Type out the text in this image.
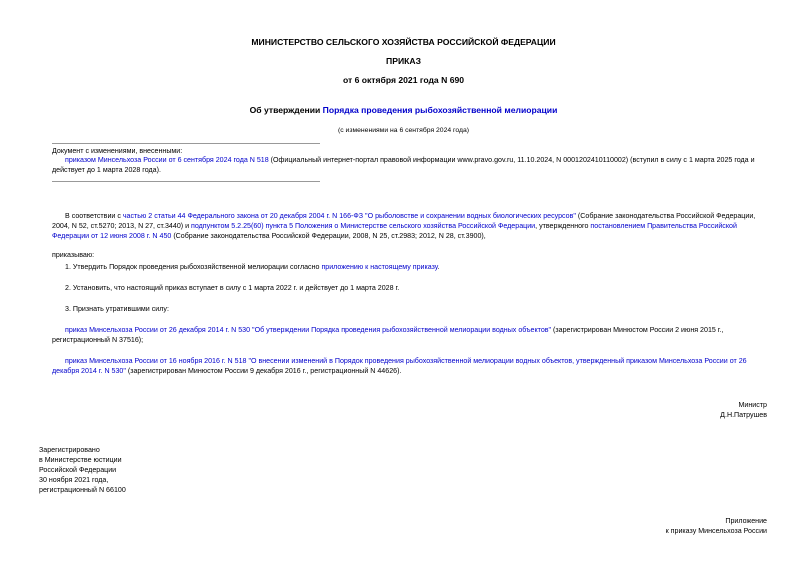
МИНИСТЕРСТВО СЕЛЬСКОГО ХОЗЯЙСТВА РОССИЙСКОЙ ФЕДЕРАЦИИ
ПРИКАЗ
от 6 октября 2021 года N 690
Об утверждении Порядка проведения рыбохозяйственной мелиорации
(с изменениями на 6 сентября 2024 года)
Документ с изменениями, внесенными:
приказом Минсельхоза России от 6 сентября 2024 года N 518 (Официальный интернет-портал правовой информации www.pravo.gov.ru, 11.10.2024, N 0001202410110002) (вступил в силу с 1 марта 2025 года и
действует до 1 марта 2028 года).
В соответствии с частью 2 статьи 44 Федерального закона от 20 декабря 2004 г. N 166-ФЗ "О рыболовстве и сохранении водных биологических ресурсов" (Собрание законодательства Российской Федерации,
2004, N 52, ст.5270; 2013, N 27, ст.3440) и подпунктом 5.2.25(60) пункта 5 Положения о Министерстве сельского хозяйства Российской Федерации, утвержденного постановлением Правительства Российской
Федерации от 12 июня 2008 г. N 450 (Собрание законодательства Российской Федерации, 2008, N 25, ст.2983; 2012, N 28, ст.3900),
приказываю:
1. Утвердить Порядок проведения рыбохозяйственной мелиорации согласно приложению к настоящему приказу.
2. Установить, что настоящий приказ вступает в силу с 1 марта 2022 г. и действует до 1 марта 2028 г.
3. Признать утратившими силу:
приказ Минсельхоза России от 26 декабря 2014 г. N 530 "Об утверждении Порядка проведения рыбохозяйственной мелиорации водных объектов" (зарегистрирован Минюстом России 2 июня 2015 г.,
регистрационный N 37516);
приказ Минсельхоза России от 16 ноября 2016 г. N 518 "О внесении изменений в Порядок проведения рыбохозяйственной мелиорации водных объектов, утвержденный приказом Минсельхоза России от 26
декабря 2014 г. N 530" (зарегистрирован Минюстом России 9 декабря 2016 г., регистрационный N 44626).
Министр
Д.Н.Патрушев
Зарегистрировано
в Министерстве юстиции
Российской Федерации
30 ноября 2021 года,
регистрационный N 66100
Приложение
к приказу Минсельхоза России
